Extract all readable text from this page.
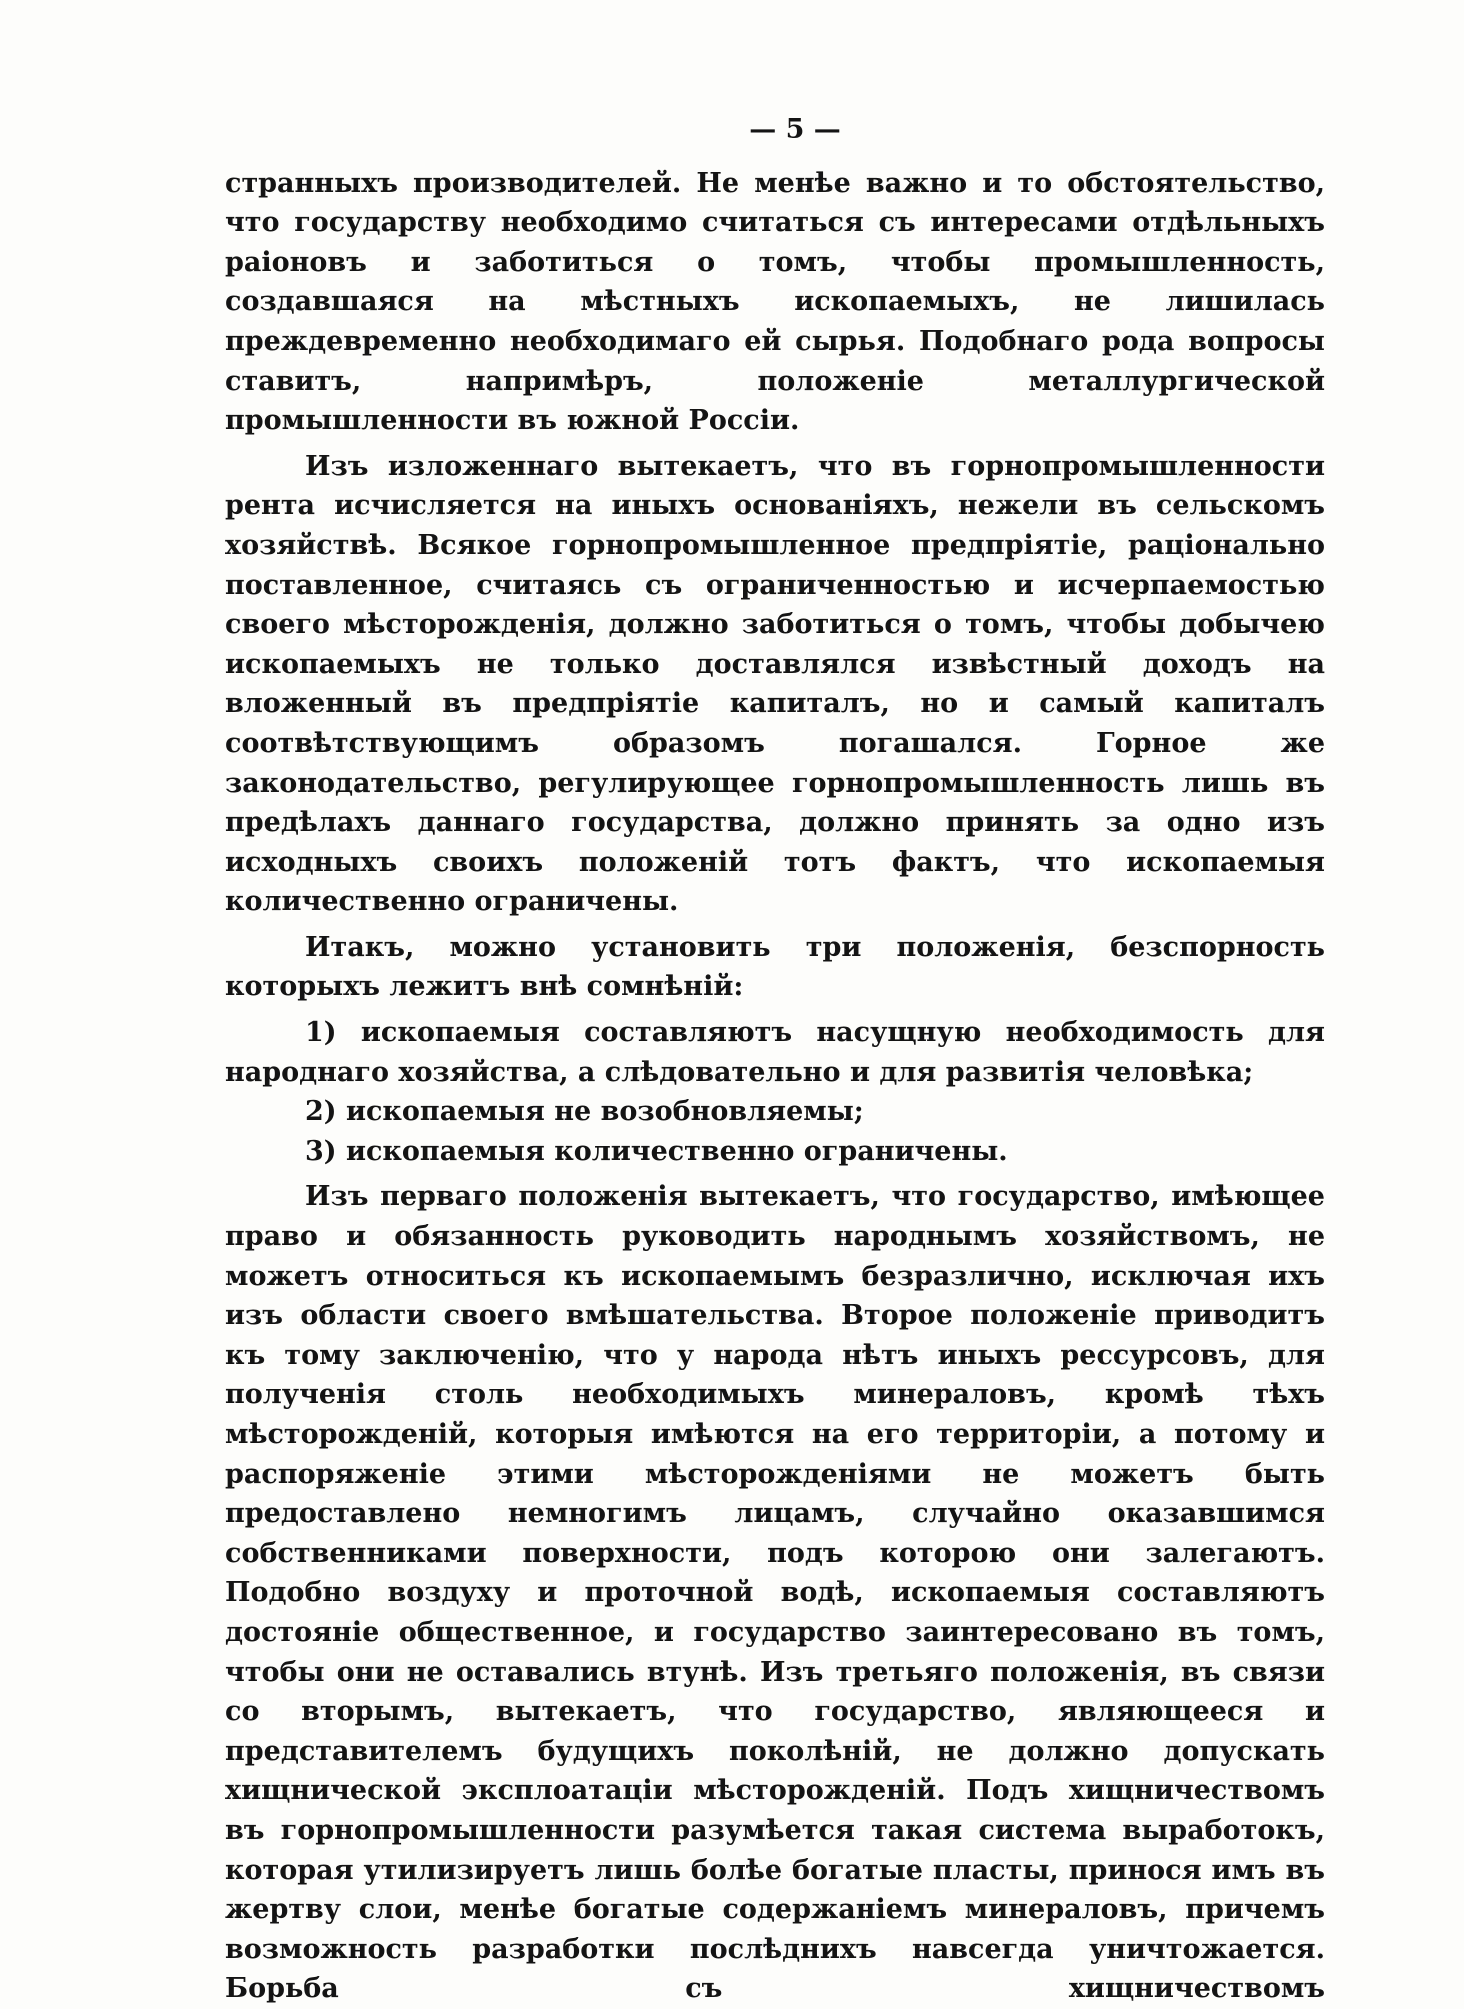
— 5 —

странныхъ производителей. Не менѣе важно и то обстоятельство, что государству необходимо считаться съ интересами отдѣльныхъ раіоновъ и заботиться о томъ, чтобы промышленность, создавшаяся на мѣстныхъ ископаемыхъ, не лишилась преждевременно необходимаго ей сырья. Подобнаго рода вопросы ставитъ, напримѣръ, положеніе металлургической промышленности въ южной Россіи.

Изъ изложеннаго вытекаетъ, что въ горнопромышленности рента исчисляется на иныхъ основаніяхъ, нежели въ сельскомъ хозяйствѣ. Всякое горнопромышленное предпріятіе, раціонально поставленное, считаясь съ ограниченностью и исчерпаемостью своего мѣсторожденія, должно заботиться о томъ, чтобы добычею ископаемыхъ не только доставлялся извѣстный доходъ на вложенный въ предпріятіе капиталъ, но и самый капиталъ соотвѣтствующимъ образомъ погашался. Горное же законодательство, регулирующее горнопромышленность лишь въ предѣлахъ даннаго государства, должно принять за одно изъ исходныхъ своихъ положеній тотъ фактъ, что ископаемыя количественно ограничены.

Итакъ, можно установить три положенія, безспорность которыхъ лежитъ внѣ сомнѣній:

1) ископаемыя составляютъ насущную необходимость для народнаго хозяйства, а слѣдовательно и для развитія человѣка;

2) ископаемыя не возобновляемы;

3) ископаемыя количественно ограничены.

Изъ перваго положенія вытекаетъ, что государство, имѣющее право и обязанность руководить народнымъ хозяйствомъ, не можетъ относиться къ ископаемымъ безразлично, исключая ихъ изъ области своего вмѣшательства. Второе положеніе приводитъ къ тому заключенію, что у народа нѣтъ иныхъ рессурсовъ, для полученія столь необходимыхъ минераловъ, кромѣ тѣхъ мѣсторожденій, которыя имѣются на его территоріи, а потому и распоряженіе этими мѣсторожденіями не можетъ быть предоставлено немногимъ лицамъ, случайно оказавшимся собственниками поверхности, подъ которою они залегаютъ. Подобно воздуху и проточной водѣ, ископаемыя составляютъ достояніе общественное, и государство заинтересовано въ томъ, чтобы они не оставались втунѣ. Изъ третьяго положенія, въ связи со вторымъ, вытекаетъ, что государство, являющееся и представителемъ будущихъ поколѣній, не должно допускать хищнической эксплоатаціи мѣсторожденій. Подъ хищничествомъ въ горнопромышленности разумѣется такая система выработокъ, которая утилизируетъ лишь болѣе богатые пласты, принося имъ въ жертву слои, менѣе богатые содержаніемъ минераловъ, причемъ возможность разработки послѣднихъ навсегда уничтожается. Борьба съ хищничествомъ
